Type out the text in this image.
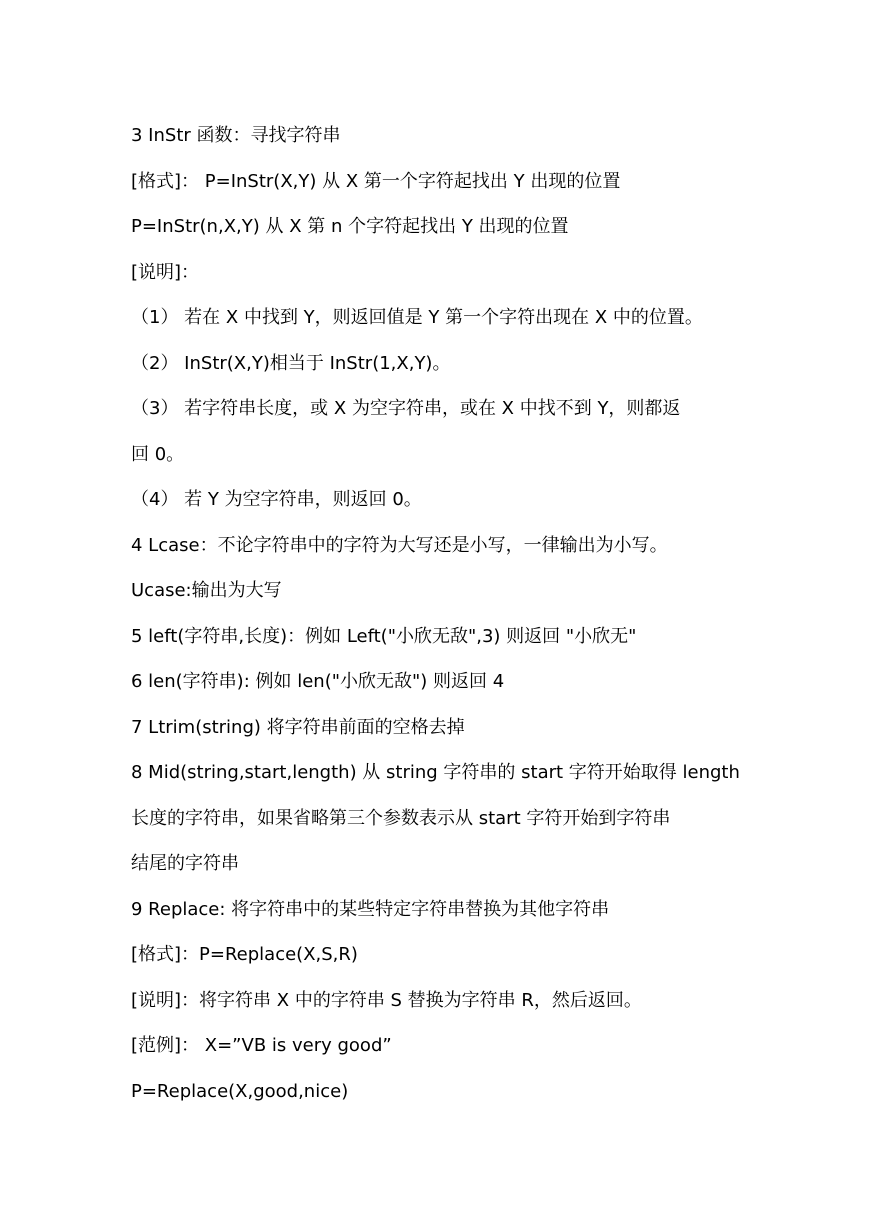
3 InStr 函数：寻找字符串
[格式]： P=InStr(X,Y) 从 X 第一个字符起找出 Y 出现的位置
P=InStr(n,X,Y) 从 X 第 n 个字符起找出 Y 出现的位置
[说明]：
（1） 若在 X 中找到 Y，则返回值是 Y 第一个字符出现在 X 中的位置。
（2） InStr(X,Y)相当于 InStr(1,X,Y)。
（3） 若字符串长度，或 X 为空字符串，或在 X 中找不到 Y，则都返
回 0。
（4） 若 Y 为空字符串，则返回 0。
4 Lcase：不论字符串中的字符为大写还是小写，一律输出为小写。
Ucase:输出为大写
5 left(字符串,长度)：例如 Left("小欣无敌",3) 则返回 "小欣无"
6 len(字符串): 例如 len("小欣无敌") 则返回 4
7 Ltrim(string) 将字符串前面的空格去掉
8 Mid(string,start,length) 从 string 字符串的 start 字符开始取得 length
长度的字符串，如果省略第三个参数表示从 start 字符开始到字符串
结尾的字符串
9 Replace: 将字符串中的某些特定字符串替换为其他字符串
[格式]：P=Replace(X,S,R)
[说明]：将字符串 X 中的字符串 S 替换为字符串 R，然后返回。
[范例]： X=”VB is very good”
P=Replace(X,good,nice)
